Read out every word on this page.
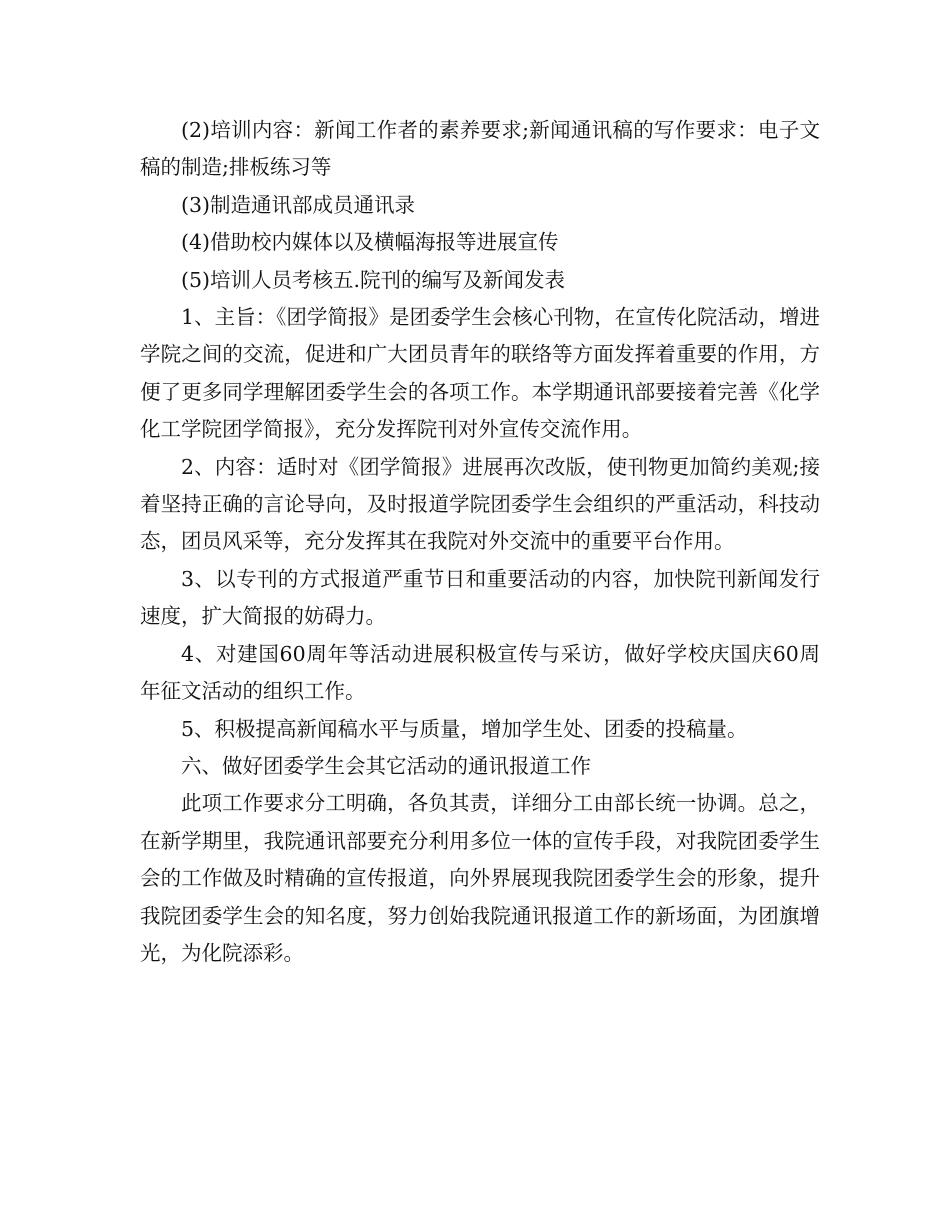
(2)培训内容：新闻工作者的素养要求;新闻通讯稿的写作要求：电子文稿的制造;排板练习等

(3)制造通讯部成员通讯录

(4)借助校内媒体以及横幅海报等进展宣传

(5)培训人员考核五.院刊的编写及新闻发表

1、主旨：《团学简报》是团委学生会核心刊物，在宣传化院活动，增进学院之间的交流，促进和广大团员青年的联络等方面发挥着重要的作用，方便了更多同学理解团委学生会的各项工作。本学期通讯部要接着完善《化学化工学院团学简报》，充分发挥院刊对外宣传交流作用。

2、内容：适时对《团学简报》进展再次改版，使刊物更加简约美观;接着坚持正确的言论导向，及时报道学院团委学生会组织的严重活动，科技动态，团员风采等，充分发挥其在我院对外交流中的重要平台作用。

3、以专刊的方式报道严重节日和重要活动的内容，加快院刊新闻发行速度，扩大简报的妨碍力。

4、对建国60周年等活动进展积极宣传与采访，做好学校庆国庆60周年征文活动的组织工作。

5、积极提高新闻稿水平与质量，增加学生处、团委的投稿量。

六、做好团委学生会其它活动的通讯报道工作

此项工作要求分工明确，各负其责，详细分工由部长统一协调。总之，在新学期里，我院通讯部要充分利用多位一体的宣传手段，对我院团委学生会的工作做及时精确的宣传报道，向外界展现我院团委学生会的形象，提升我院团委学生会的知名度，努力创始我院通讯报道工作的新场面，为团旗增光，为化院添彩。
